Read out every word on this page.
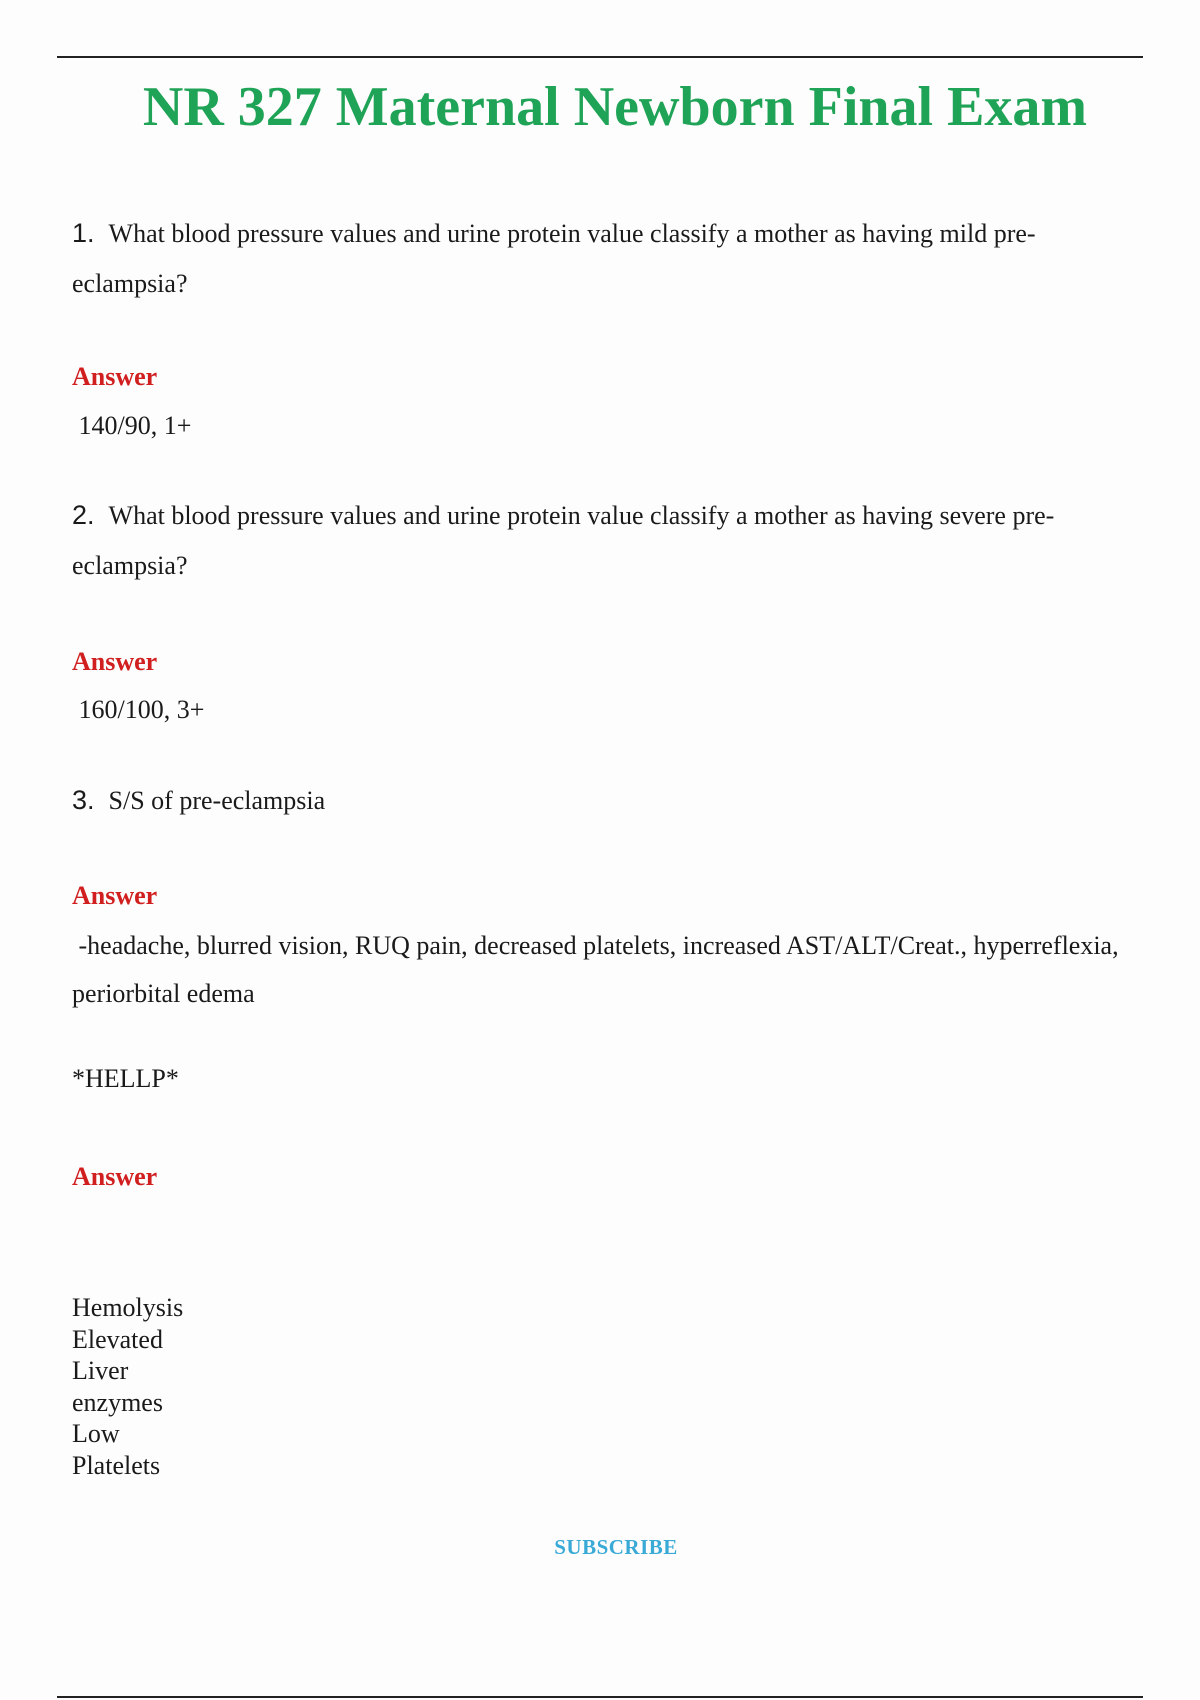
NR 327 Maternal Newborn Final Exam

1. What blood pressure values and urine protein value classify a mother as having mild pre-eclampsia?

Answer

140/90, 1+

2. What blood pressure values and urine protein value classify a mother as having severe pre-eclampsia?

Answer

160/100, 3+

3. S/S of pre-eclampsia

Answer

-headache, blurred vision, RUQ pain, decreased platelets, increased AST/ALT/Creat., hyperreflexia, periorbital edema

*HELLP*

Answer

Hemolysis
Elevated
Liver
enzymes
Low
Platelets

SUBSCRIBE
